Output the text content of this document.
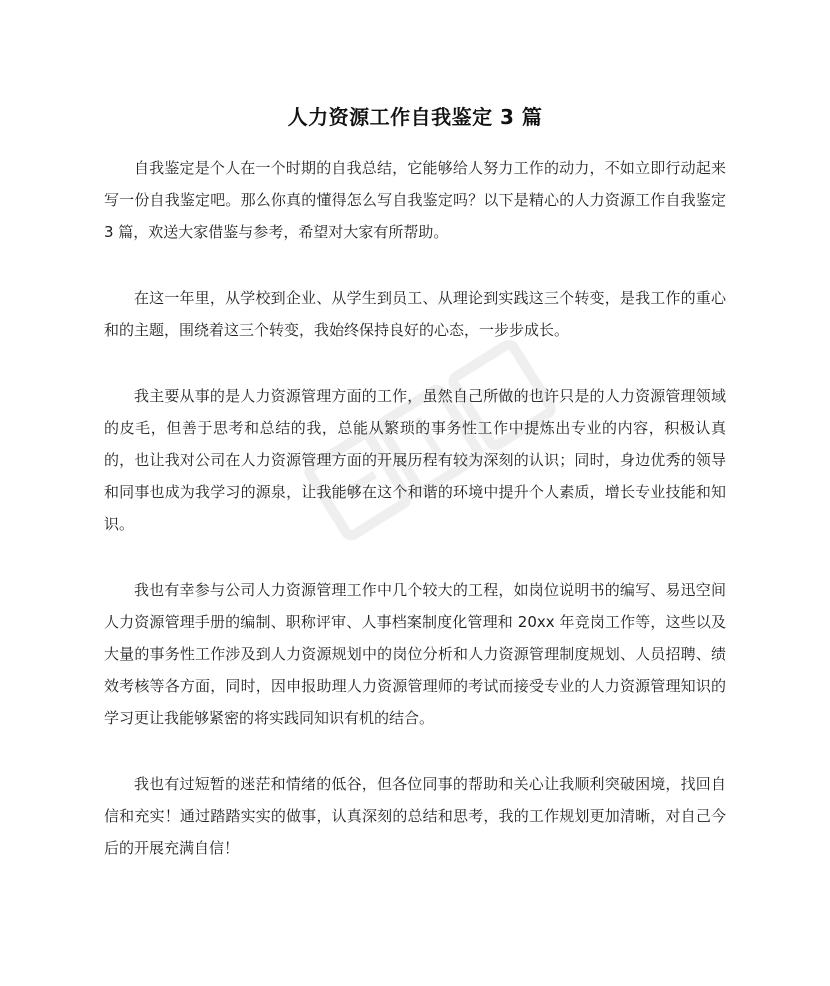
人力资源工作自我鉴定 3 篇

自我鉴定是个人在一个时期的自我总结，它能够给人努力工作的动力，不如立即行动起来写一份自我鉴定吧。那么你真的懂得怎么写自我鉴定吗？以下是精心的人力资源工作自我鉴定 3 篇，欢送大家借鉴与参考，希望对大家有所帮助。

在这一年里，从学校到企业、从学生到员工、从理论到实践这三个转变，是我工作的重心和的主题，围绕着这三个转变，我始终保持良好的心态，一步步成长。

我主要从事的是人力资源管理方面的工作，虽然自己所做的也许只是的人力资源管理领域的皮毛，但善于思考和总结的我，总能从繁琐的事务性工作中提炼出专业的内容，积极认真的，也让我对公司在人力资源管理方面的开展历程有较为深刻的认识；同时，身边优秀的领导和同事也成为我学习的源泉，让我能够在这个和谐的环境中提升个人素质，增长专业技能和知识。

我也有幸参与公司人力资源管理工作中几个较大的工程，如岗位说明书的编写、易迅空间人力资源管理手册的编制、职称评审、人事档案制度化管理和 20xx 年竞岗工作等，这些以及大量的事务性工作涉及到人力资源规划中的岗位分析和人力资源管理制度规划、人员招聘、绩效考核等各方面，同时，因申报助理人力资源管理师的考试而接受专业的人力资源管理知识的学习更让我能够紧密的将实践同知识有机的结合。

我也有过短暂的迷茫和情绪的低谷，但各位同事的帮助和关心让我顺利突破困境，找回自信和充实！通过踏踏实实的做事，认真深刻的总结和思考，我的工作规划更加清晰，对自己今后的开展充满自信！
